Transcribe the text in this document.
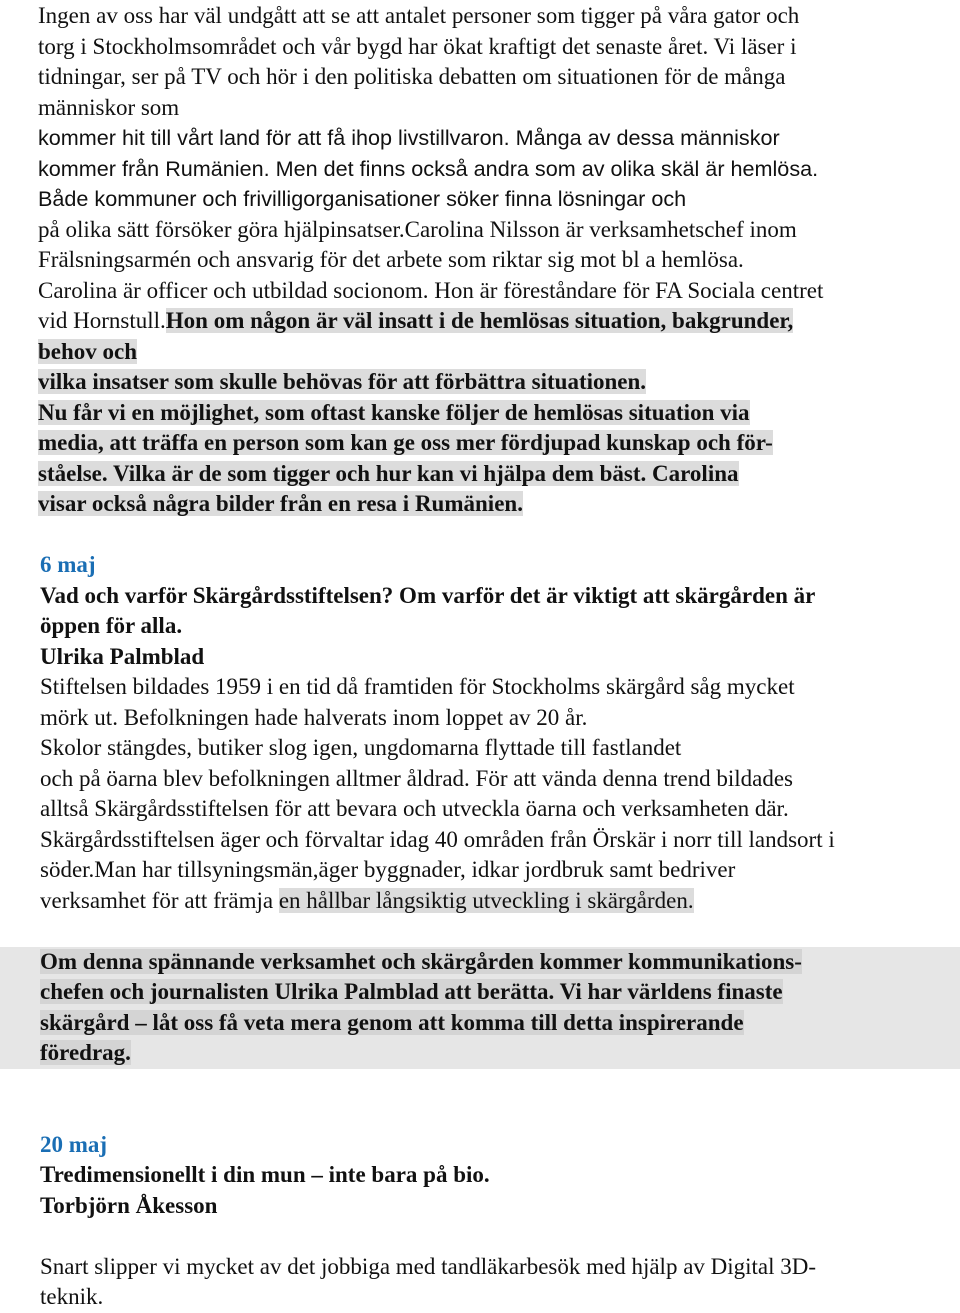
Ingen av oss har väl undgått att se att antalet personer som tigger på våra gator och
torg i Stockholmsområdet och vår bygd har ökat kraftigt det senaste året. Vi läser i
tidningar, ser på TV och hör i den politiska debatten om situationen för de många
människor som
kommer hit till vårt land för att få ihop livstillvaron. Många av dessa människor
kommer från Rumänien. Men det finns också andra som av olika skäl är hemlösa.
Både kommuner och frivilligorganisationer söker finna lösningar och
på olika sätt försöker göra hjälpinsatser.Carolina Nilsson är verksamhetschef inom
Frälsningsarmén och ansvarig för det arbete som riktar sig mot bl a hemlösa.
Carolina är officer och utbildad socionom. Hon är föreståndare för FA Sociala centret
vid Hornstull.Hon om någon är väl insatt i de hemlösas situation, bakgrunder,
behov och
vilka insatser som skulle behövas för att förbättra situationen.
Nu får vi en möjlighet, som oftast kanske följer de hemlösas situation via
media, att träffa en person som kan ge oss mer fördjupad kunskap och för-
ståelse. Vilka är de som tigger och hur kan vi hjälpa dem bäst. Carolina
visar också några bilder från en resa i Rumänien.
6 maj
Vad och varför Skärgårdsstiftelsen? Om varför det är viktigt att skärgården är
öppen för alla.
Ulrika Palmblad
Stiftelsen bildades 1959 i en tid då framtiden för Stockholms skärgård såg mycket
mörk ut. Befolkningen hade halverats inom loppet av 20 år.
Skolor stängdes, butiker slog igen, ungdomarna flyttade till fastlandet
och på öarna blev befolkningen alltmer åldrad. För att vända denna trend bildades
alltså Skärgårdsstiftelsen för att bevara och utveckla öarna och verksamheten där.
Skärgårdsstiftelsen äger och förvaltar idag 40 områden från Örskär i norr till landsort i
söder.Man har tillsyningsmän,äger byggnader, idkar jordbruk samt bedriver
verksamhet för att främja en hållbar långsiktig utveckling i skärgården.
Om denna spännande verksamhet och skärgården kommer kommunikations-
chefen och journalisten Ulrika Palmblad att berätta. Vi har världens finaste
skärgård – låt oss få veta mera genom att komma till detta inspirerande
föredrag.
20 maj
Tredimensionellt i din mun – inte bara på bio.
Torbjörn Åkesson
Snart slipper vi mycket av det jobbiga med tandläkarbesök med hjälp av Digital 3D-
teknik.
